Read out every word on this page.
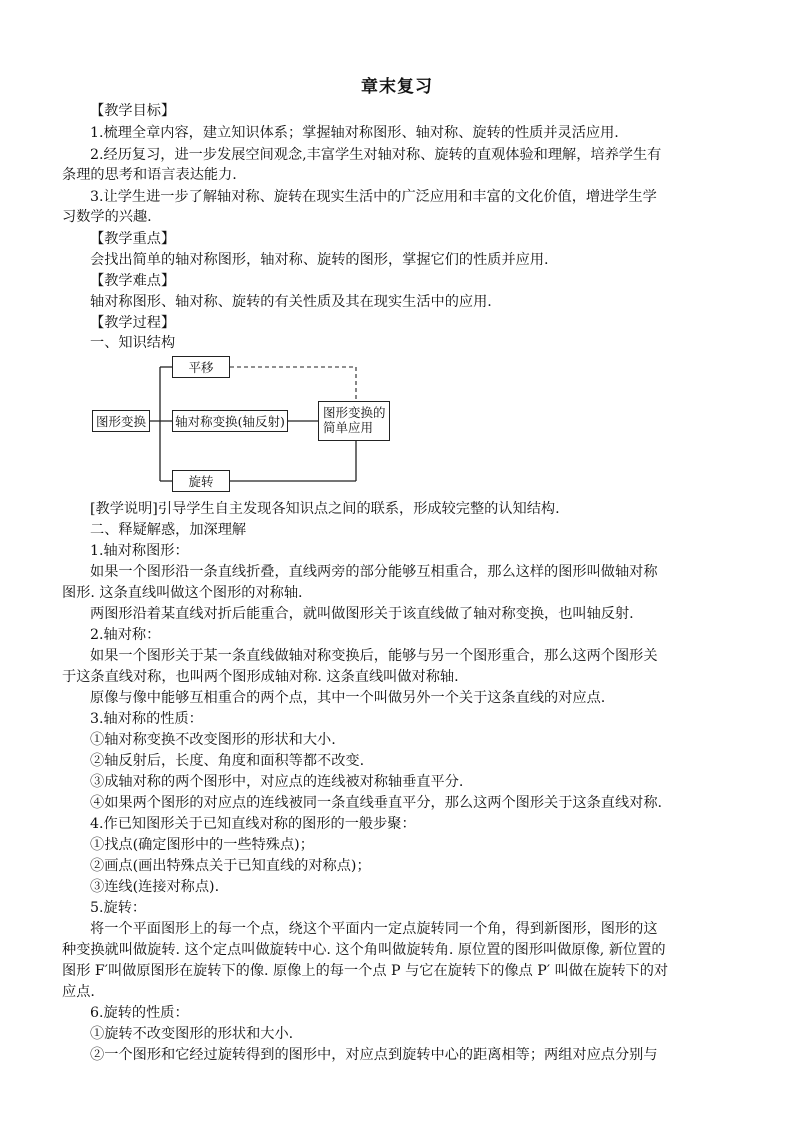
章末复习
【教学目标】
1.梳理全章内容，建立知识体系；掌握轴对称图形、轴对称、旋转的性质并灵活应用.
2.经历复习，进一步发展空间观念,丰富学生对轴对称、旋转的直观体验和理解，培养学生有
条理的思考和语言表达能力.
3.让学生进一步了解轴对称、旋转在现实生活中的广泛应用和丰富的文化价值，增进学生学
习数学的兴趣.
【教学重点】
会找出简单的轴对称图形，轴对称、旋转的图形，掌握它们的性质并应用.
【教学难点】
轴对称图形、轴对称、旋转的有关性质及其在现实生活中的应用.
【教学过程】
一、知识结构
平移
图形变换	轴对称变换(轴反射)
图形变换的
简单应用
旋转
[教学说明]引导学生自主发现各知识点之间的联系，形成较完整的认知结构.
二、释疑解惑，加深理解
1.轴对称图形：
如果一个图形沿一条直线折叠，直线两旁的部分能够互相重合，那么这样的图形叫做轴对称
图形. 这条直线叫做这个图形的对称轴.
两图形沿着某直线对折后能重合，就叫做图形关于该直线做了轴对称变换，也叫轴反射.
2.轴对称：
如果一个图形关于某一条直线做轴对称变换后，能够与另一个图形重合，那么这两个图形关
于这条直线对称，也叫两个图形成轴对称. 这条直线叫做对称轴.
原像与像中能够互相重合的两个点，其中一个叫做另外一个关于这条直线的对应点.
3.轴对称的性质：
①轴对称变换不改变图形的形状和大小.
②轴反射后，长度、角度和面积等都不改变.
③成轴对称的两个图形中，对应点的连线被对称轴垂直平分.
④如果两个图形的对应点的连线被同一条直线垂直平分，那么这两个图形关于这条直线对称.
4.作已知图形关于已知直线对称的图形的一般步聚：
①找点(确定图形中的一些特殊点)；
②画点(画出特殊点关于已知直线的对称点)；
③连线(连接对称点).
5.旋转：
将一个平面图形上的每一个点，绕这个平面内一定点旋转同一个角，得到新图形，图形的这
种变换就叫做旋转. 这个定点叫做旋转中心. 这个角叫做旋转角. 原位置的图形叫做原像, 新位置的
图形 F′叫做原图形在旋转下的像. 原像上的每一个点 P 与它在旋转下的像点 P′ 叫做在旋转下的对
应点.
6.旋转的性质：
①旋转不改变图形的形状和大小.
②一个图形和它经过旋转得到的图形中，对应点到旋转中心的距离相等；两组对应点分别与
